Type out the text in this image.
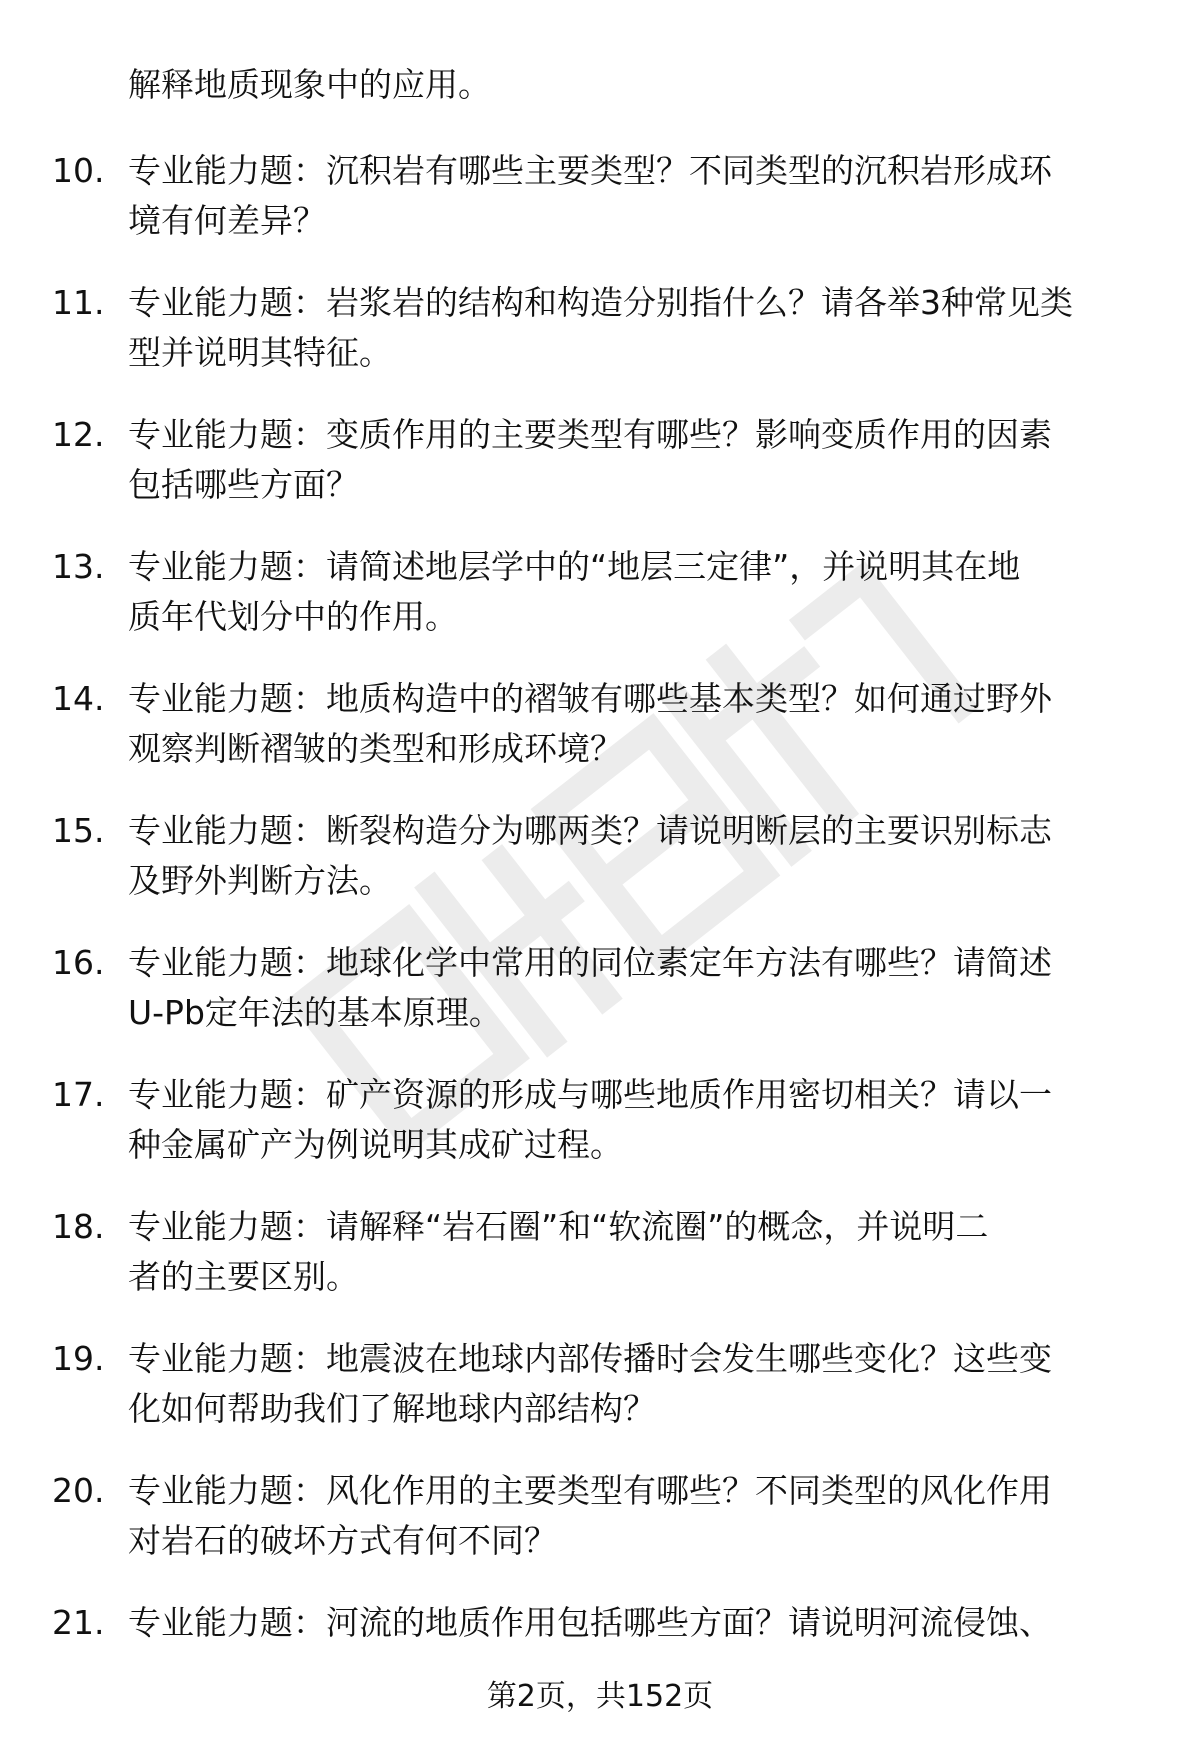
解释地质现象中的应用。
10. 专业能力题：沉积岩有哪些主要类型？不同类型的沉积岩形成环
境有何差异？
11. 专业能力题：岩浆岩的结构和构造分别指什么？请各举3种常见类
型并说明其特征。
12. 专业能力题：变质作用的主要类型有哪些？影响变质作用的因素
包括哪些方面？
13. 专业能力题：请简述地层学中的“地层三定律”，并说明其在地
质年代划分中的作用。
14. 专业能力题：地质构造中的褶皱有哪些基本类型？如何通过野外
观察判断褶皱的类型和形成环境？
15. 专业能力题：断裂构造分为哪两类？请说明断层的主要识别标志
及野外判断方法。
16. 专业能力题：地球化学中常用的同位素定年方法有哪些？请简述
U-Pb定年法的基本原理。
17. 专业能力题：矿产资源的形成与哪些地质作用密切相关？请以一
种金属矿产为例说明其成矿过程。
18. 专业能力题：请解释“岩石圈”和“软流圈”的概念，并说明二
者的主要区别。
19. 专业能力题：地震波在地球内部传播时会发生哪些变化？这些变
化如何帮助我们了解地球内部结构？
20. 专业能力题：风化作用的主要类型有哪些？不同类型的风化作用
对岩石的破坏方式有何不同？
21. 专业能力题：河流的地质作用包括哪些方面？请说明河流侵蚀、
第2页，共152页
